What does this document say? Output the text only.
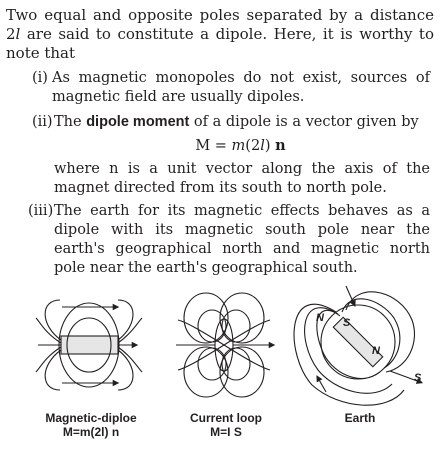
Two equal and opposite poles separated by a distance 2l are said to constitute a dipole. Here, it is worthy to note that
(i) As magnetic monopoles do not exist, sources of magnetic field are usually dipoles.
(ii) The dipole moment of a dipole is a vector given by
M = m(2l) n
where n is a unit vector along the axis of the magnet directed from its south to north pole.
(iii) The earth for its magnetic effects behaves as a dipole with its magnetic south pole near the earth's geographical north and magnetic north pole near the earth's geographical south.
N S
N
S
Magnetic-diploe
M=m(2l) n
Current loop
M=I S
Earth
